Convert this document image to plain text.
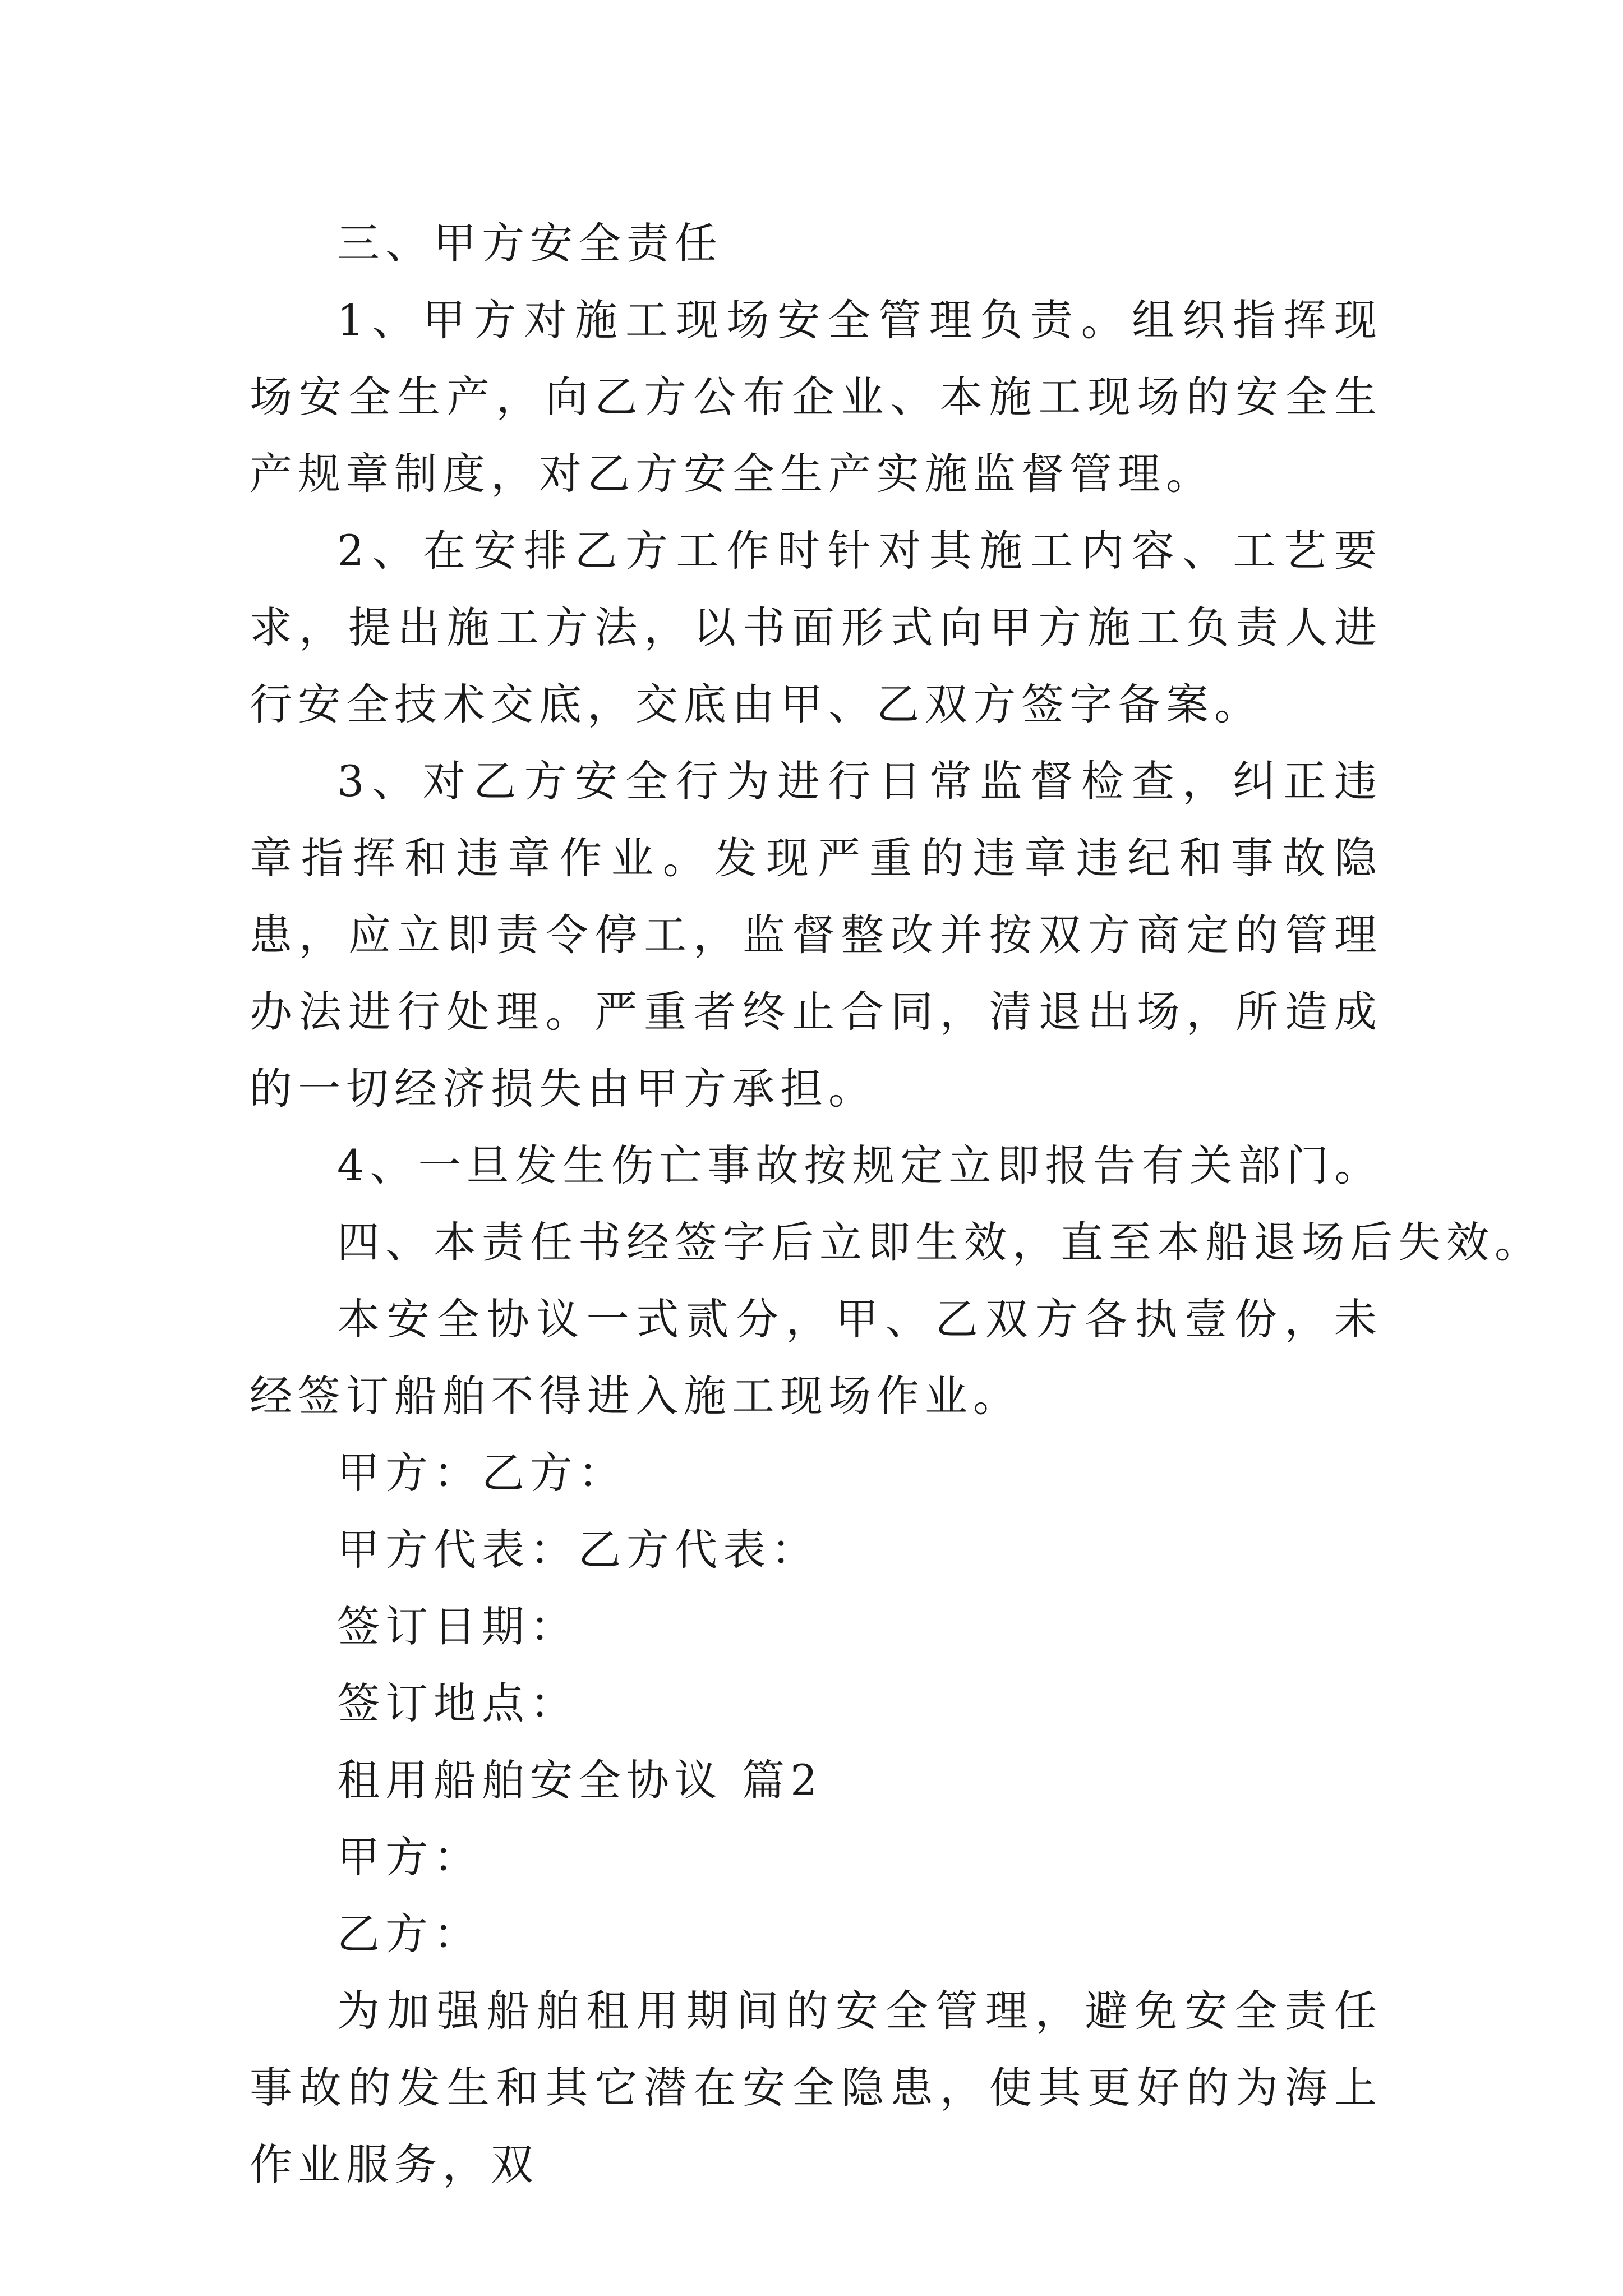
三、甲方安全责任

1、甲方对施工现场安全管理负责。组织指挥现场安全生产，向乙方公布企业、本施工现场的安全生产规章制度，对乙方安全生产实施监督管理。

2、在安排乙方工作时针对其施工内容、工艺要求，提出施工方法，以书面形式向甲方施工负责人进行安全技术交底，交底由甲、乙双方签字备案。

3、对乙方安全行为进行日常监督检查，纠正违章指挥和违章作业。发现严重的违章违纪和事故隐患，应立即责令停工，监督整改并按双方商定的管理办法进行处理。严重者终止合同，清退出场，所造成的一切经济损失由甲方承担。

4、一旦发生伤亡事故按规定立即报告有关部门。

四、本责任书经签字后立即生效，直至本船退场后失效。

本安全协议一式贰分，甲、乙双方各执壹份，未经签订船舶不得进入施工现场作业。

甲方：乙方：

甲方代表：乙方代表：

签订日期：

签订地点：

租用船舶安全协议 篇2

甲方：

乙方：

为加强船舶租用期间的安全管理，避免安全责任事故的发生和其它潜在安全隐患，使其更好的为海上作业服务，双
